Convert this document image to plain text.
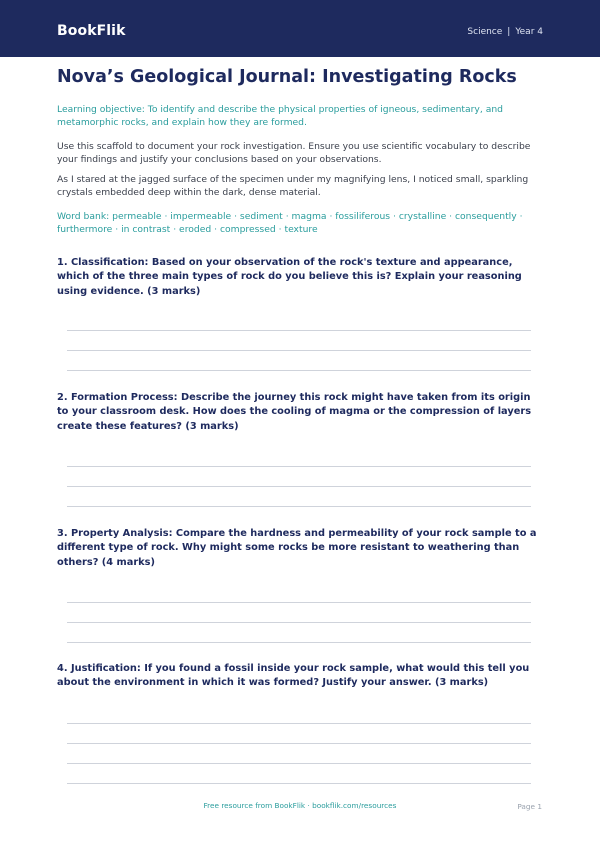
BookFlik	Science | Year 4
Nova’s Geological Journal: Investigating Rocks

Learning objective: To identify and describe the physical properties of igneous, sedimentary, and metamorphic rocks, and explain how they are formed.

Use this scaffold to document your rock investigation. Ensure you use scientific vocabulary to describe your findings and justify your conclusions based on your observations.

As I stared at the jagged surface of the specimen under my magnifying lens, I noticed small, sparkling crystals embedded deep within the dark, dense material.

Word bank: permeable · impermeable · sediment · magma · fossiliferous · crystalline · consequently · furthermore · in contrast · eroded · compressed · texture

1. Classification: Based on your observation of the rock's texture and appearance, which of the three main types of rock do you believe this is? Explain your reasoning using evidence. (3 marks)
2. Formation Process: Describe the journey this rock might have taken from its origin to your classroom desk. How does the cooling of magma or the compression of layers create these features? (3 marks)
3. Property Analysis: Compare the hardness and permeability of your rock sample to a different type of rock. Why might some rocks be more resistant to weathering than others? (4 marks)
4. Justification: If you found a fossil inside your rock sample, what would this tell you about the environment in which it was formed? Justify your answer. (3 marks)
Free resource from BookFlik · bookflik.com/resources	Page 1
